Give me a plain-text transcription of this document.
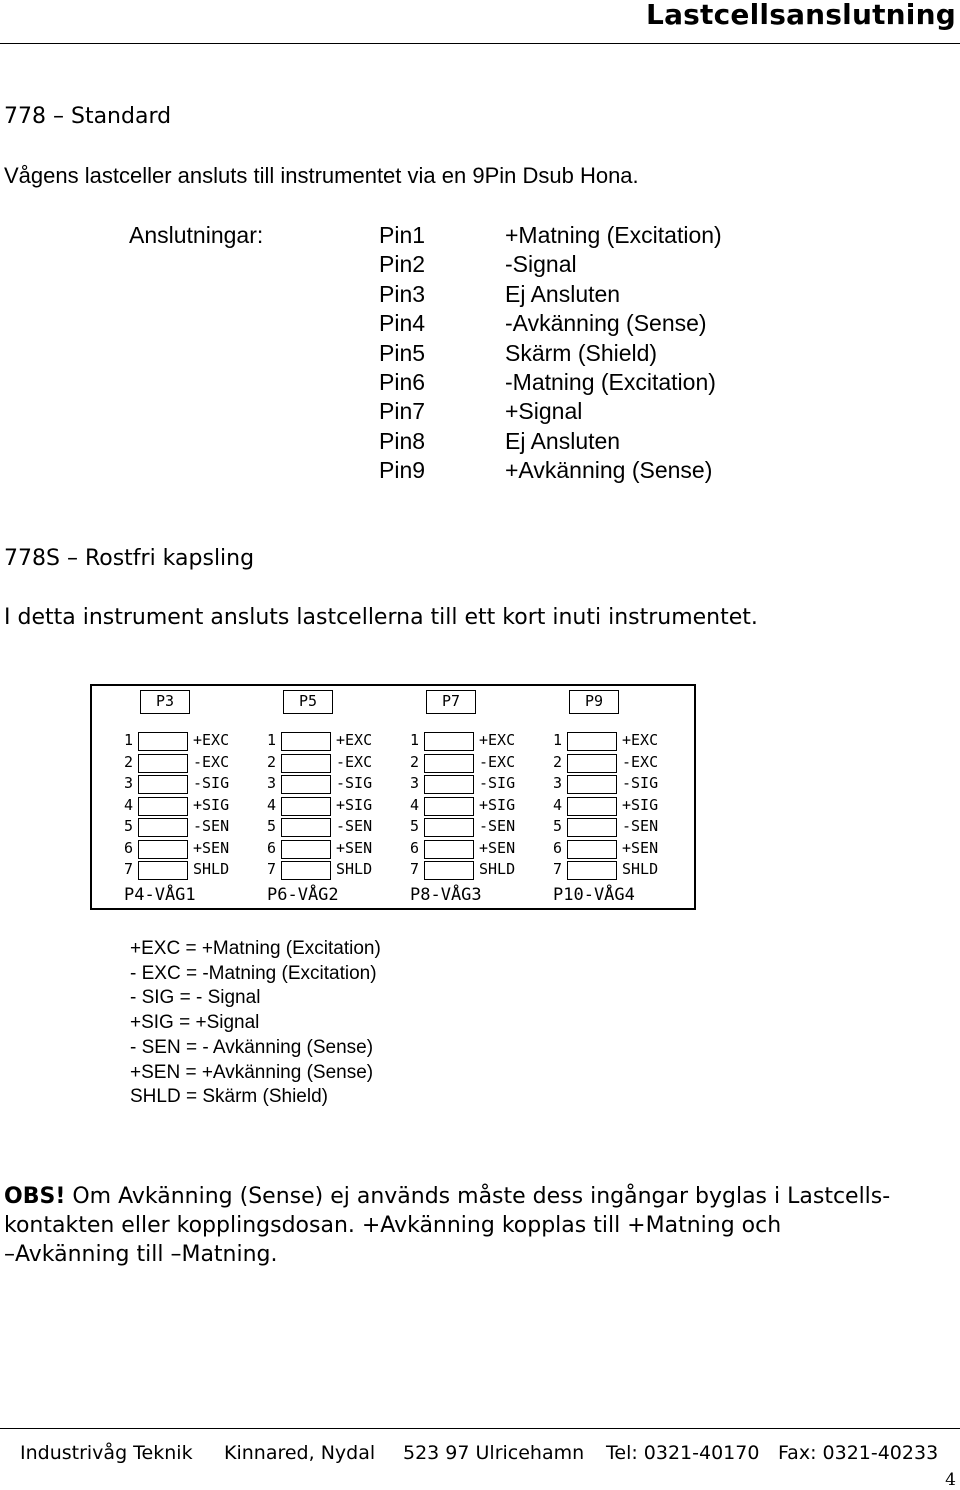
Lastcellsanslutning
778 – Standard
Vågens lastceller ansluts till instrumentet via en 9Pin Dsub Hona.
Anslutningar:	Pin1	+Matning (Excitation)
Pin2	-Signal
Pin3	Ej Ansluten
Pin4	-Avkänning (Sense)
Pin5	Skärm (Shield)
Pin6	-Matning (Excitation)
Pin7	+Signal
Pin8	Ej Ansluten
Pin9	+Avkänning (Sense)
778S – Rostfri kapsling
I detta instrument ansluts lastcellerna till ett kort inuti instrumentet.
P3
1	+EXC
2	-EXC
3	-SIG
4	+SIG
5	-SEN
6	+SEN
7	SHLD
P4-VÅG1
P5
1	+EXC
2	-EXC
3	-SIG
4	+SIG
5	-SEN
6	+SEN
7	SHLD
P6-VÅG2
P7
1	+EXC
2	-EXC
3	-SIG
4	+SIG
5	-SEN
6	+SEN
7	SHLD
P8-VÅG3
P9
1	+EXC
2	-EXC
3	-SIG
4	+SIG
5	-SEN
6	+SEN
7	SHLD
P10-VÅG4
+EXC = +Matning (Excitation)
- EXC = -Matning (Excitation)
- SIG = - Signal
+SIG = +Signal
- SEN = - Avkänning (Sense)
+SEN = +Avkänning (Sense)
SHLD = Skärm (Shield)
OBS! Om Avkänning (Sense) ej används måste dess ingångar byglas i Lastcells-
kontakten eller kopplingsdosan. +Avkänning kopplas till +Matning och
–Avkänning till –Matning.
Industrivåg Teknik Kinnared, Nydal 523 97 Ulricehamn Tel: 0321-40170 Fax: 0321-40233
4
